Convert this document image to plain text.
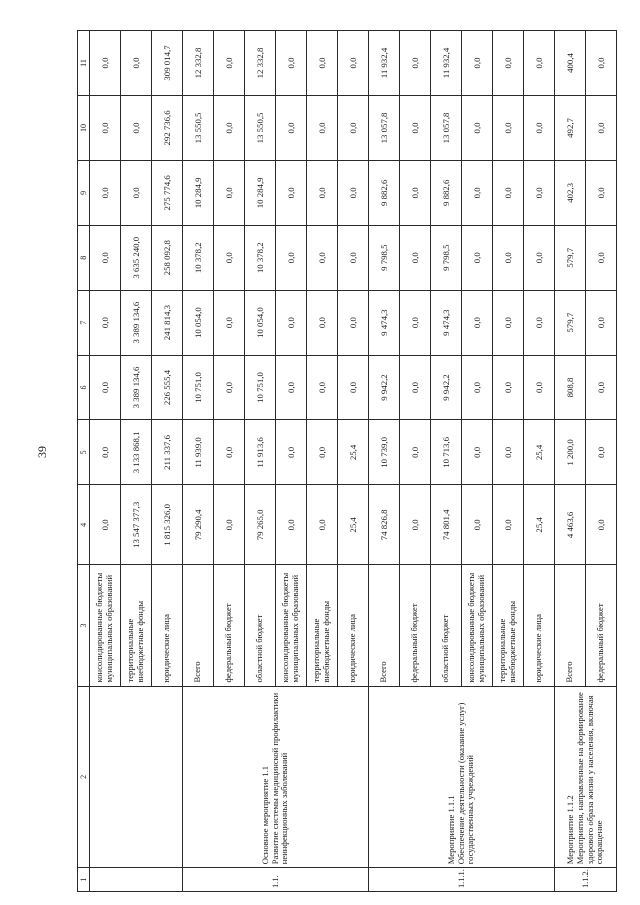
39
1	2	3	4	5	6	7	8	9	10	11
		консолидированные бюджеты муниципальных образований	0,0	0,0	0,0	0,0	0,0	0,0	0,0	0,0
		территориальные внебюджетные фонды	13 547 377,3	3 133 868,1	3 389 134,6	3 389 134,6	3 635 240,0	0,0	0,0	0,0
		юридические лица	1 815 326,0	211 337,6	226 555,4	241 814,3	258 092,8	275 774,6	292 736,6	309 014,7
1.1.	Основное мероприятие 1.1 Развитие системы медицинской профилактики неинфекционных заболеваний	Всего	79 290,4	11 939,0	10 751,0	10 054,0	10 378,2	10 284,9	13 550,5	12 332,8
		федеральный бюджет	0,0	0,0	0,0	0,0	0,0	0,0	0,0	0,0
		областной бюджет	79 265,0	11 913,6	10 751,0	10 054,0	10 378,2	10 284,9	13 550,5	12 332,8
		консолидированные бюджеты муниципальных образований	0,0	0,0	0,0	0,0	0,0	0,0	0,0	0,0
		территориальные внебюджетные фонды	0,0	0,0	0,0	0,0	0,0	0,0	0,0	0,0
		юридические лица	25,4	25,4	0,0	0,0	0,0	0,0	0,0	0,0
1.1.1.	Мероприятие 1.1.1 Обеспечение деятельности (оказание услуг) государственных учреждений	Всего	74 826,8	10 739,0	9 942,2	9 474,3	9 798,5	9 882,6	13 057,8	11 932,4
		федеральный бюджет	0,0	0,0	0,0	0,0	0,0	0,0	0,0	0,0
		областной бюджет	74 801,4	10 713,6	9 942,2	9 474,3	9 798,5	9 882,6	13 057,8	11 932,4
		консолидированные бюджеты муниципальных образований	0,0	0,0	0,0	0,0	0,0	0,0	0,0	0,0
		территориальные внебюджетные фонды	0,0	0,0	0,0	0,0	0,0	0,0	0,0	0,0
		юридические лица	25,4	25,4	0,0	0,0	0,0	0,0	0,0	0,0
1.1.2.	Мероприятие 1.1.2 Мероприятия, направленные на формирование здорового образа жизни у населения, включая сокращение	Всего	4 463,6	1 200,0	808,8	579,7	579,7	402,3	492,7	400,4
		федеральный бюджет	0,0	0,0	0,0	0,0	0,0	0,0	0,0	0,0
